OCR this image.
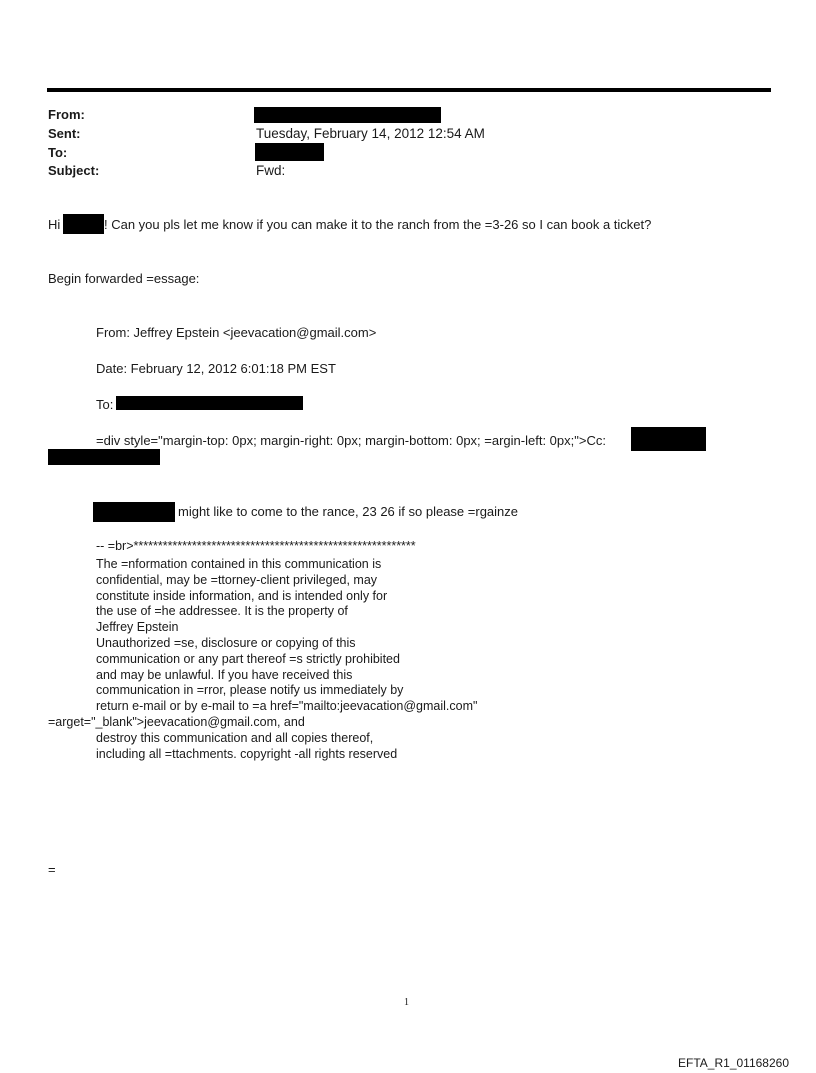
From:
Sent:	Tuesday, February 14, 2012 12:54 AM
To:
Subject:	Fwd:
Hi	! Can you pls let me know if you can make it to the ranch from the =3-26 so I can book a ticket?
Begin forwarded =essage:
From: Jeffrey Epstein <jeevacation@gmail.com>
Date: February 12, 2012 6:01:18 PM EST
To:
=div style="margin-top: 0px; margin-right: 0px; margin-bottom: 0px; =argin-left: 0px;">Cc:
might like to come to the rance, 23 26 if so please =rgainze
-- =br>**********************************************************
The =nformation contained in this communication is
confidential, may be =ttorney-client privileged, may
constitute inside information, and is intended only for
the use of =he addressee. It is the property of
Jeffrey Epstein
Unauthorized =se, disclosure or copying of this
communication or any part thereof =s strictly prohibited
and may be unlawful. If you have received this
communication in =rror, please notify us immediately by
return e-mail or by e-mail to =a href="mailto:jeevacation@gmail.com"
=arget="_blank">jeevacation@gmail.com, and
destroy this communication and all copies thereof,
including all =ttachments. copyright -all rights reserved
=
1
EFTA_R1_01168260
